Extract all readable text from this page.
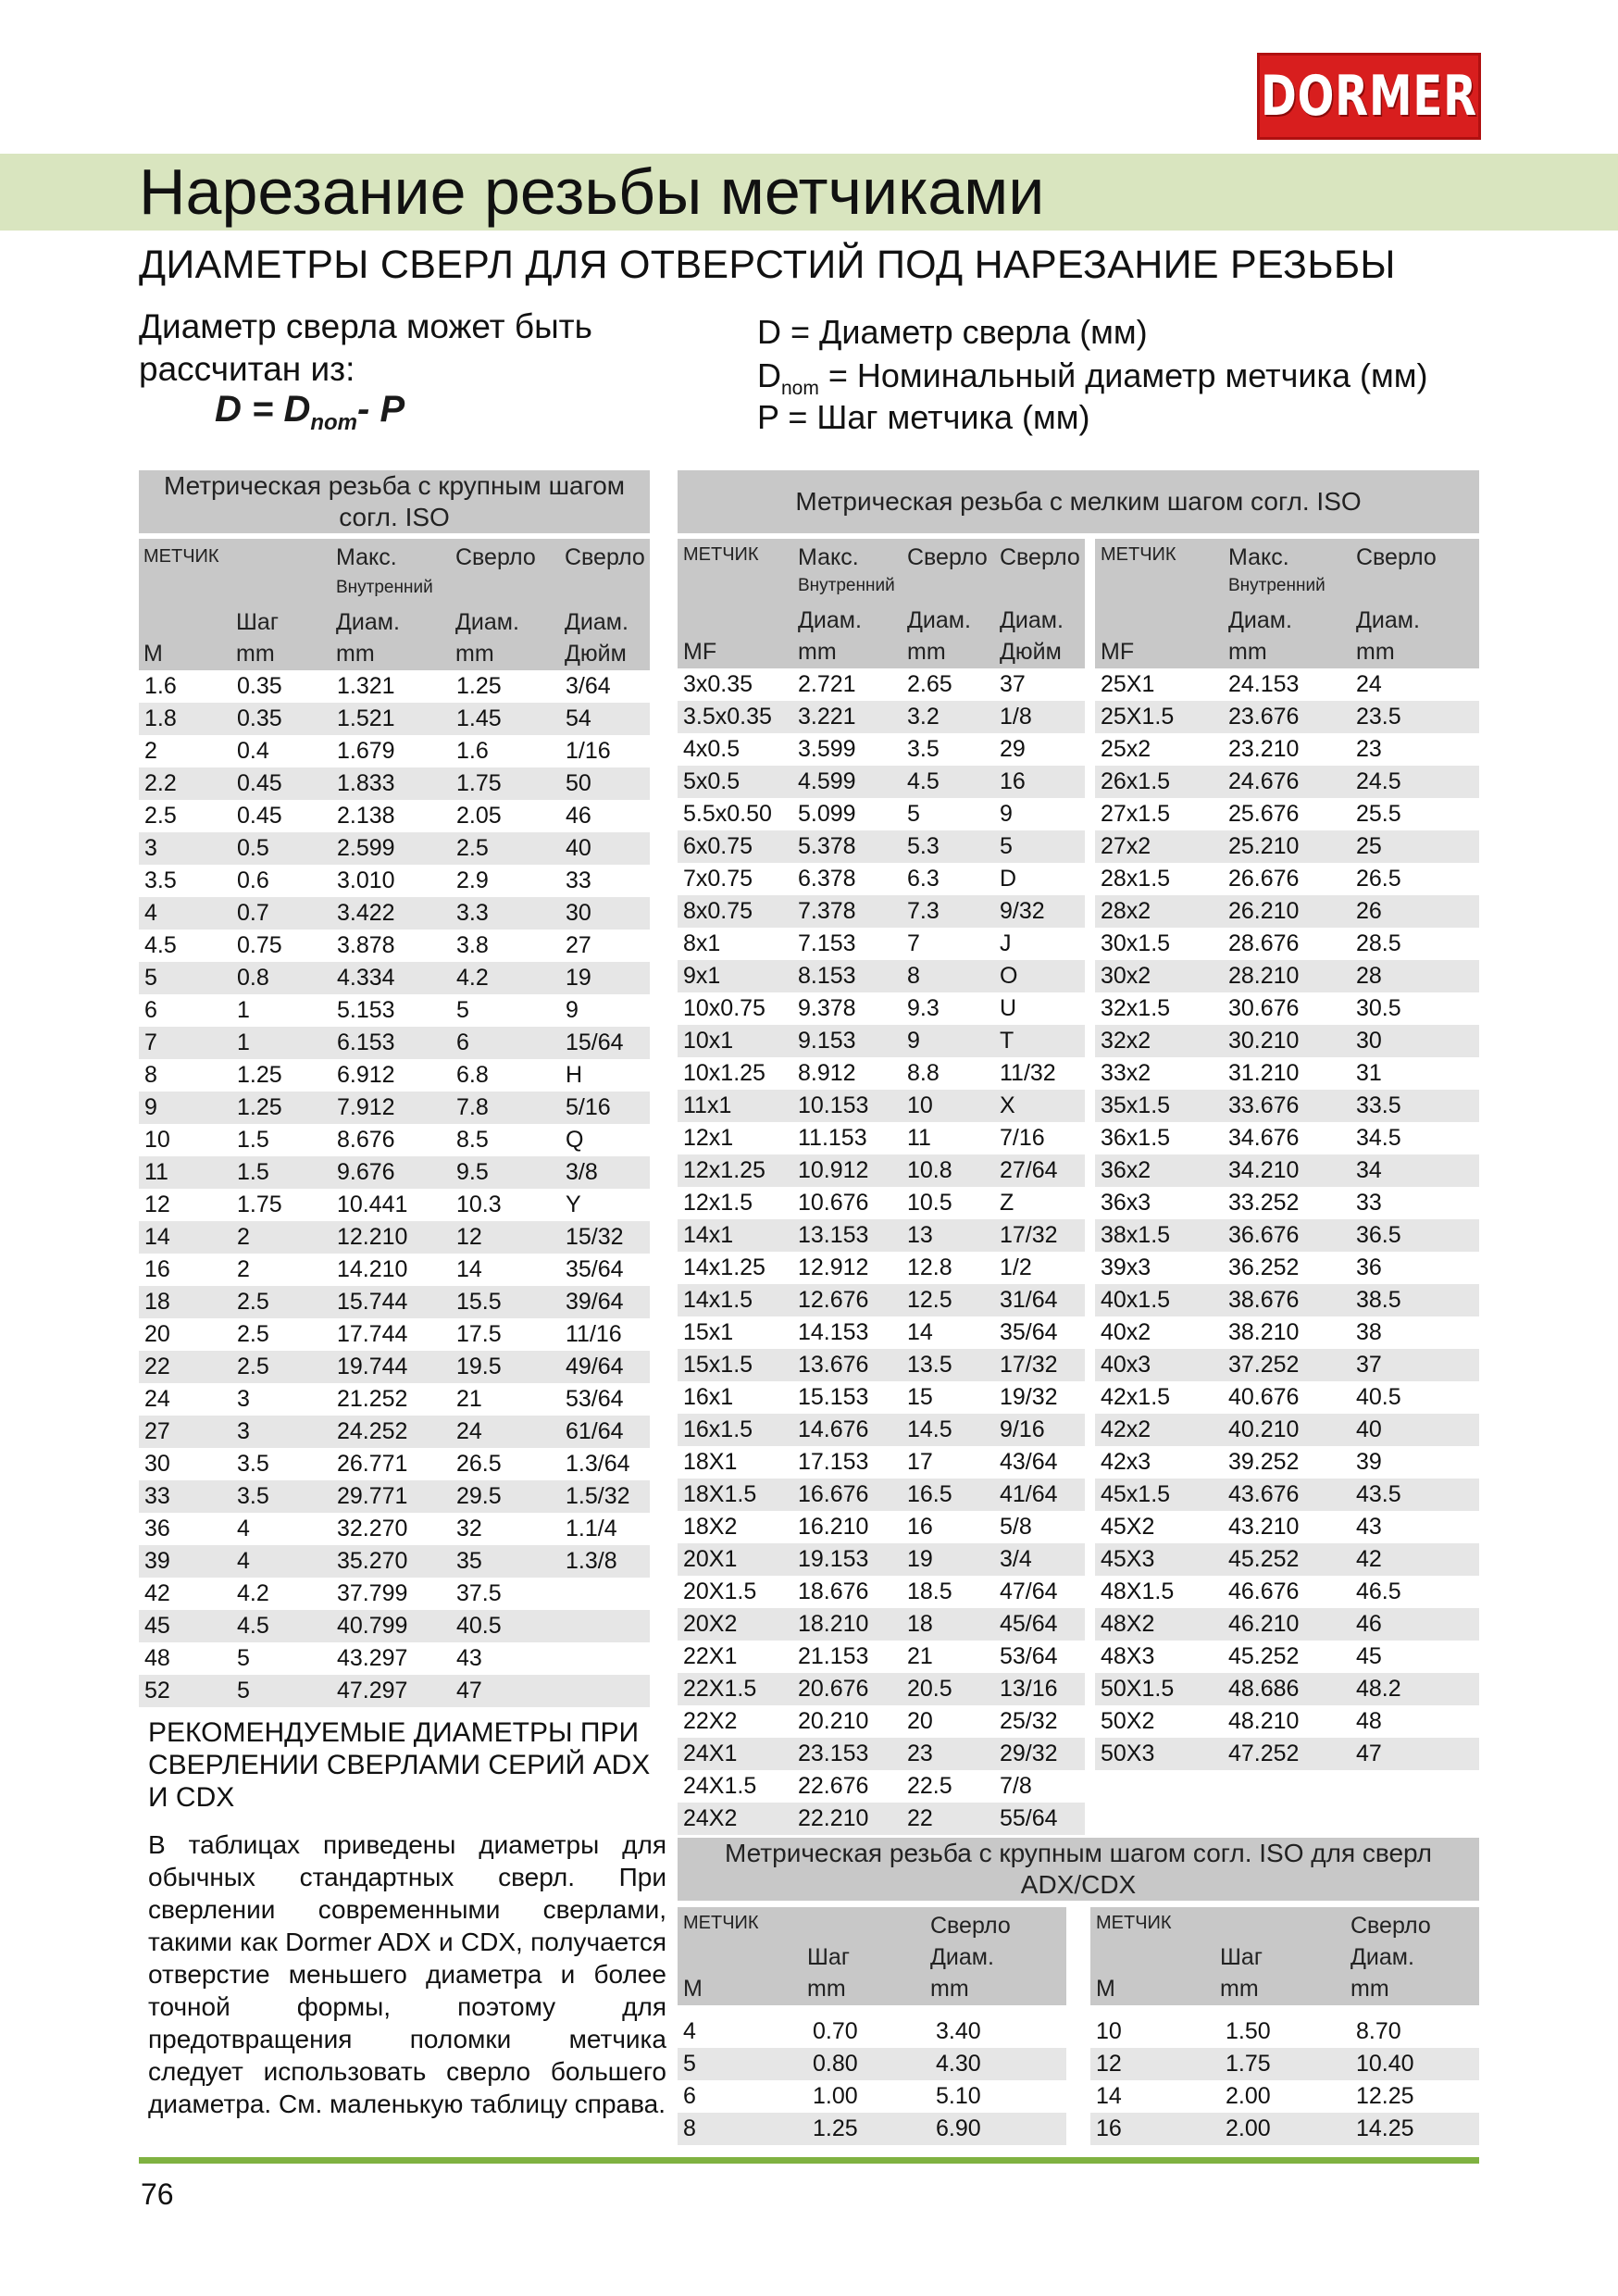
DORMER
Нарезание резьбы метчиками
ДИАМЕТРЫ СВЕРЛ ДЛЯ ОТВЕРСТИЙ ПОД НАРЕЗАНИЕ РЕЗЬБЫ
Диаметр сверла может быть
рассчитан из:
$D = D_{nom}-$ P
D = Диаметр сверла (мм)
$D_{nom}$ = Номинальный диаметр метчика (мм)
P = Шаг метчика (мм)
Метрическая резьба с крупным шагом согл. ISO
МЕТЧИК	Макс.	Сверло Сверло
Внутренний
Шаг Диам. Диам. Диам.
M	mm	mm	mm	Дюйм
1.6	0.35	1.321	1.25	3/64
1.8	0.35	1.521	1.45	54
2	0.4	1.679	1.6	1/16
2.2	0.45	1.833	1.75	50
2.5	0.45	2.138	2.05	46
3	0.5	2.599	2.5	40
3.5	0.6	3.010	2.9	33
4	0.7	3.422	3.3	30
4.5	0.75	3.878	3.8	27
5	0.8	4.334	4.2	19
6	1	5.153	5	9
7	1	6.153	6	15/64
8	1.25	6.912	6.8	H
9	1.25	7.912	7.8	5/16
10	1.5	8.676	8.5	Q
11	1.5	9.676	9.5	3/8
12	1.75	10.441	10.3	Y
14	2	12.210	12	15/32
16	2	14.210	14	35/64
18	2.5	15.744	15.5	39/64
20	2.5	17.744	17.5	11/16
22	2.5	19.744	19.5	49/64
24	3	21.252	21	53/64
27	3	24.252	24	61/64
30	3.5	26.771	26.5	1.3/64
33	3.5	29.771	29.5	1.5/32
36	4	32.270	32	1.1/4
39	4	35.270	35	1.3/8
42	4.2	37.799	37.5	
45	4.5	40.799	40.5	
48	5	43.297	43	
52	5	47.297	47	
Метрическая резьба с мелким шагом согл. ISO
МЕТЧИК Макс. Сверло Сверло
Внутренний
Диам. Диам. Диам.
MF	mm	mm Дюйм
3x0.35	2.721	2.65	37
3.5x0.35	3.221	3.2	1/8
4x0.5	3.599	3.5	29
5x0.5	4.599	4.5	16
5.5x0.50	5.099	5	9
6x0.75	5.378	5.3	5
7x0.75	6.378	6.3	D
8x0.75	7.378	7.3	9/32
8x1	7.153	7	J
9x1	8.153	8	O
10x0.75	9.378	9.3	U
10x1	9.153	9	T
10x1.25	8.912	8.8	11/32
11x1	10.153	10	X
12x1	11.153	11	7/16
12x1.25	10.912	10.8	27/64
12x1.5	10.676	10.5	Z
14x1	13.153	13	17/32
14x1.25	12.912	12.8	1/2
14x1.5	12.676	12.5	31/64
15x1	14.153	14	35/64
15x1.5	13.676	13.5	17/32
16x1	15.153	15	19/32
16x1.5	14.676	14.5	9/16
18X1	17.153	17	43/64
18X1.5	16.676	16.5	41/64
18X2	16.210	16	5/8
20X1	19.153	19	3/4
20X1.5	18.676	18.5	47/64
20X2	18.210	18	45/64
22X1	21.153	21	53/64
22X1.5	20.676	20.5	13/16
22X2	20.210	20	25/32
24X1	23.153	23	29/32
24X1.5	22.676	22.5	7/8
24X2	22.210	22	55/64
МЕТЧИК Макс.	Сверло
Внутренний
Диам.	Диам.
MF	mm	mm
25X1	24.153	24
25X1.5	23.676	23.5
25x2	23.210	23
26x1.5	24.676	24.5
27x1.5	25.676	25.5
27x2	25.210	25
28x1.5	26.676	26.5
28x2	26.210	26
30x1.5	28.676	28.5
30x2	28.210	28
32x1.5	30.676	30.5
32x2	30.210	30
33x2	31.210	31
35x1.5	33.676	33.5
36x1.5	34.676	34.5
36x2	34.210	34
36x3	33.252	33
38x1.5	36.676	36.5
39x3	36.252	36
40x1.5	38.676	38.5
40x2	38.210	38
40x3	37.252	37
42x1.5	40.676	40.5
42x2	40.210	40
42x3	39.252	39
45x1.5	43.676	43.5
45X2	43.210	43
45X3	45.252	42
48X1.5	46.676	46.5
48X2	46.210	46
48X3	45.252	45
50X1.5	48.686	48.2
50X2	48.210	48
50X3	47.252	47
РЕКОМЕНДУЕМЫЕ ДИАМЕТРЫ ПРИ СВЕРЛЕНИИ СВЕРЛАМИ СЕРИЙ ADX И CDX
В таблицах приведены диаметры для обычных стандартных сверл. При сверлении современными сверлами, такими как Dormer ADX и CDX, получается отверстие меньшего диаметра и более точной формы, поэтому для предотвращения поломки метчика следует использовать сверло большего диаметра. См. маленькую таблицу справа.
Метрическая резьба с крупным шагом согл. ISO для сверл ADX/CDX
МЕТЧИК	Сверло
Шаг	Диам.
M	mm	mm
4	0.70	3.40
5	0.80	4.30
6	1.00	5.10
8	1.25	6.90
МЕТЧИК	Сверло
Шаг	Диам.
M	mm	mm
10	1.50	8.70
12	1.75	10.40
14	2.00	12.25
16	2.00	14.25
76
